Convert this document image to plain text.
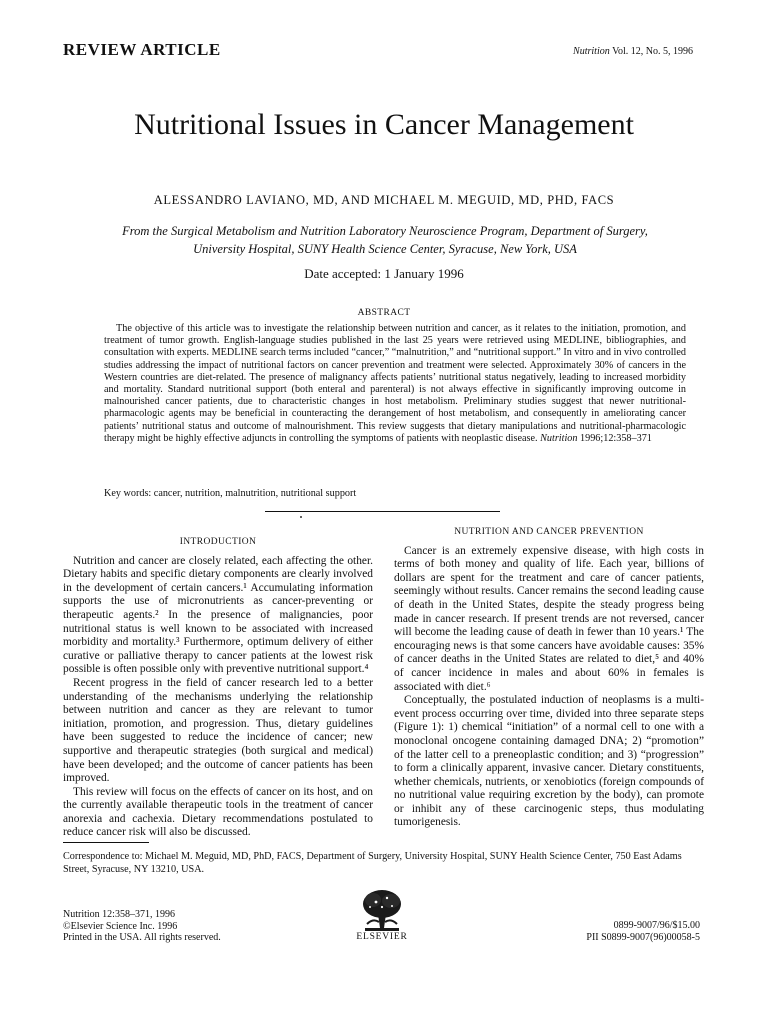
REVIEW ARTICLE	Nutrition Vol. 12, No. 5, 1996
Nutritional Issues in Cancer Management
ALESSANDRO LAVIANO, MD, AND MICHAEL M. MEGUID, MD, PHD, FACS
From the Surgical Metabolism and Nutrition Laboratory Neuroscience Program, Department of Surgery,
University Hospital, SUNY Health Science Center, Syracuse, New York, USA
Date accepted: 1 January 1996
ABSTRACT

The objective of this article was to investigate the relationship between nutrition and cancer, as it relates to the initiation, promotion, and treatment of tumor growth. English-language studies published in the last 25 years were retrieved using MEDLINE, bibliographies, and consultation with experts. MEDLINE search terms included “cancer,” “malnutrition,” and “nutritional support.” In vitro and in vivo controlled studies addressing the impact of nutritional factors on cancer prevention and treatment were selected. Approximately 30% of cancers in the Western countries are diet-related. The presence of malignancy affects patients’ nutritional status negatively, leading to increased morbidity and mortality. Standard nutritional support (both enteral and parenteral) is not always effective in significantly improving outcome in malnourished cancer patients, due to characteristic changes in host metabolism. Preliminary studies suggest that newer nutritional-pharmacologic agents may be beneficial in counteracting the derangement of host metabolism, and consequently in ameliorating cancer patients’ nutritional status and outcome of malnourishment. This review suggests that dietary manipulations and nutritional-pharmacologic therapy might be highly effective adjuncts in controlling the symptoms of patients with neoplastic disease. Nutrition 1996;12:358–371

Key words: cancer, nutrition, malnutrition, nutritional support
INTRODUCTION

Nutrition and cancer are closely related, each affecting the other. Dietary habits and specific dietary components are clearly involved in the development of certain cancers.¹ Accumulating information supports the use of micronutrients as cancer-preventing or therapeutic agents.² In the presence of malignancies, poor nutritional status is well known to be associated with increased morbidity and mortality.³ Furthermore, optimum delivery of either curative or palliative therapy to cancer patients at the lowest risk possible is often possible only with preventive nutritional support.⁴

Recent progress in the field of cancer research led to a better understanding of the mechanisms underlying the relationship between nutrition and cancer as they are relevant to tumor initiation, promotion, and progression. Thus, dietary guidelines have been suggested to reduce the incidence of cancer; new supportive and therapeutic strategies (both surgical and medical) have been developed; and the outcome of cancer patients has been improved.

This review will focus on the effects of cancer on its host, and on the currently available therapeutic tools in the treatment of cancer anorexia and cachexia. Dietary recommendations postulated to reduce cancer risk will also be discussed.

NUTRITION AND CANCER PREVENTION

Cancer is an extremely expensive disease, with high costs in terms of both money and quality of life. Each year, billions of dollars are spent for the treatment and care of cancer patients, seemingly without results. Cancer remains the second leading cause of death in the United States, despite the steady progress being made in cancer research. If present trends are not reversed, cancer will become the leading cause of death in fewer than 10 years.¹ The encouraging news is that some cancers have avoidable causes: 35% of cancer deaths in the United States are related to diet,⁵ and 40% of cancer incidence in males and about 60% in females is associated with diet.⁶

Conceptually, the postulated induction of neoplasms is a multi-event process occurring over time, divided into three separate steps (Figure 1): 1) chemical “initiation” of a normal cell to one with a monoclonal oncogene containing damaged DNA; 2) “promotion” of the latter cell to a preneoplastic condition; and 3) “progression” to form a clinically apparent, invasive cancer. Dietary constituents, whether chemicals, nutrients, or xenobiotics (foreign compounds of no nutritional value requiring excretion by the body), can promote or inhibit any of these carcinogenic steps, thus modulating tumorigenesis.

Correspondence to: Michael M. Meguid, MD, PhD, FACS, Department of Surgery, University Hospital, SUNY Health Science Center, 750 East Adams Street, Syracuse, NY 13210, USA.

Nutrition 12:358–371, 1996
©Elsevier Science Inc. 1996
Printed in the USA. All rights reserved.	ELSEVIER
0899-9007/96/$15.00
PII S0899-9007(96)00058-5
